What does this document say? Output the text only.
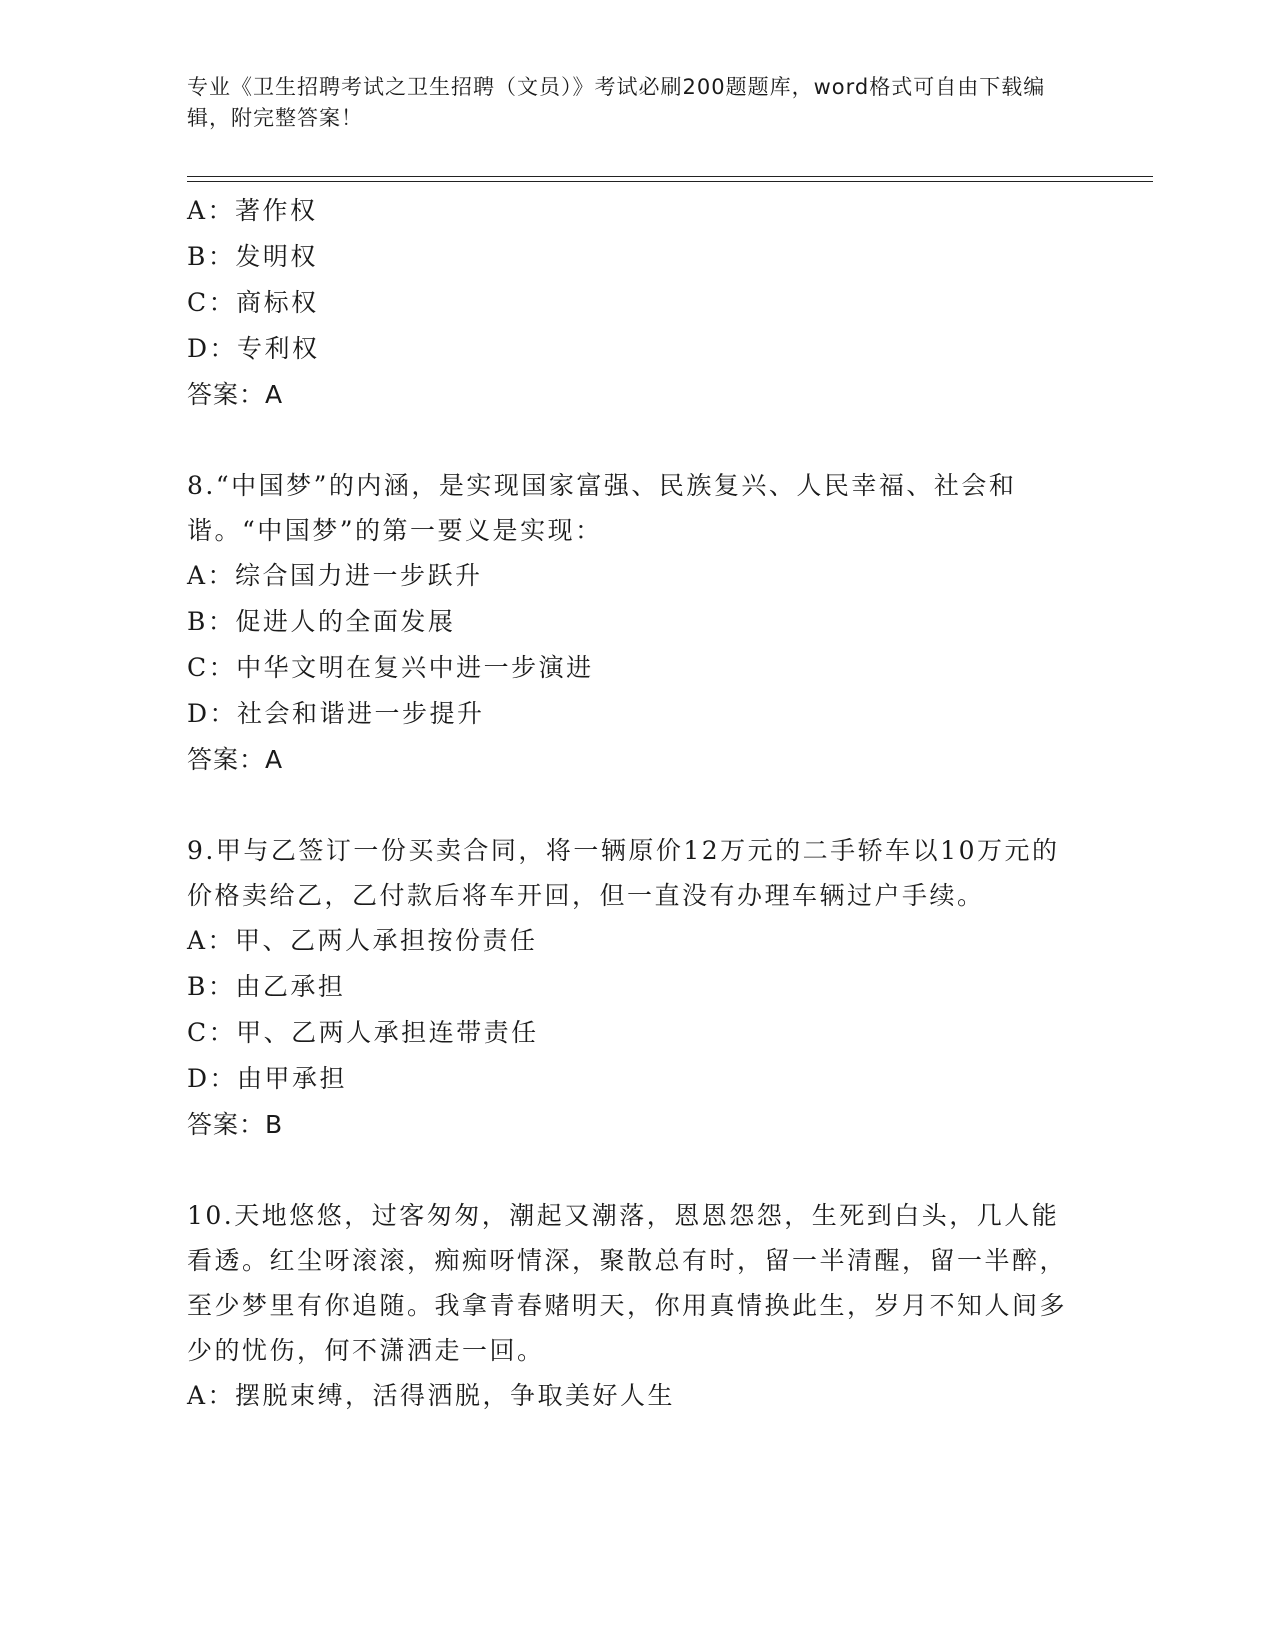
专业《卫生招聘考试之卫生招聘（文员）》考试必刷200题题库，word格式可自由下载编辑，附完整答案！
A：著作权
B：发明权
C：商标权
D：专利权
答案：A
8.“中国梦”的内涵，是实现国家富强、民族复兴、人民幸福、社会和谐。“中国梦”的第一要义是实现：
A：综合国力进一步跃升
B：促进人的全面发展
C：中华文明在复兴中进一步演进
D：社会和谐进一步提升
答案：A
9.甲与乙签订一份买卖合同，将一辆原价12万元的二手轿车以10万元的价格卖给乙，乙付款后将车开回，但一直没有办理车辆过户手续。
A：甲、乙两人承担按份责任
B：由乙承担
C：甲、乙两人承担连带责任
D：由甲承担
答案：B
10.天地悠悠，过客匆匆，潮起又潮落，恩恩怨怨，生死到白头，几人能看透。红尘呀滚滚，痴痴呀情深，聚散总有时，留一半清醒，留一半醉，至少梦里有你追随。我拿青春赌明天，你用真情换此生，岁月不知人间多少的忧伤，何不潇洒走一回。
A：摆脱束缚，活得洒脱，争取美好人生
